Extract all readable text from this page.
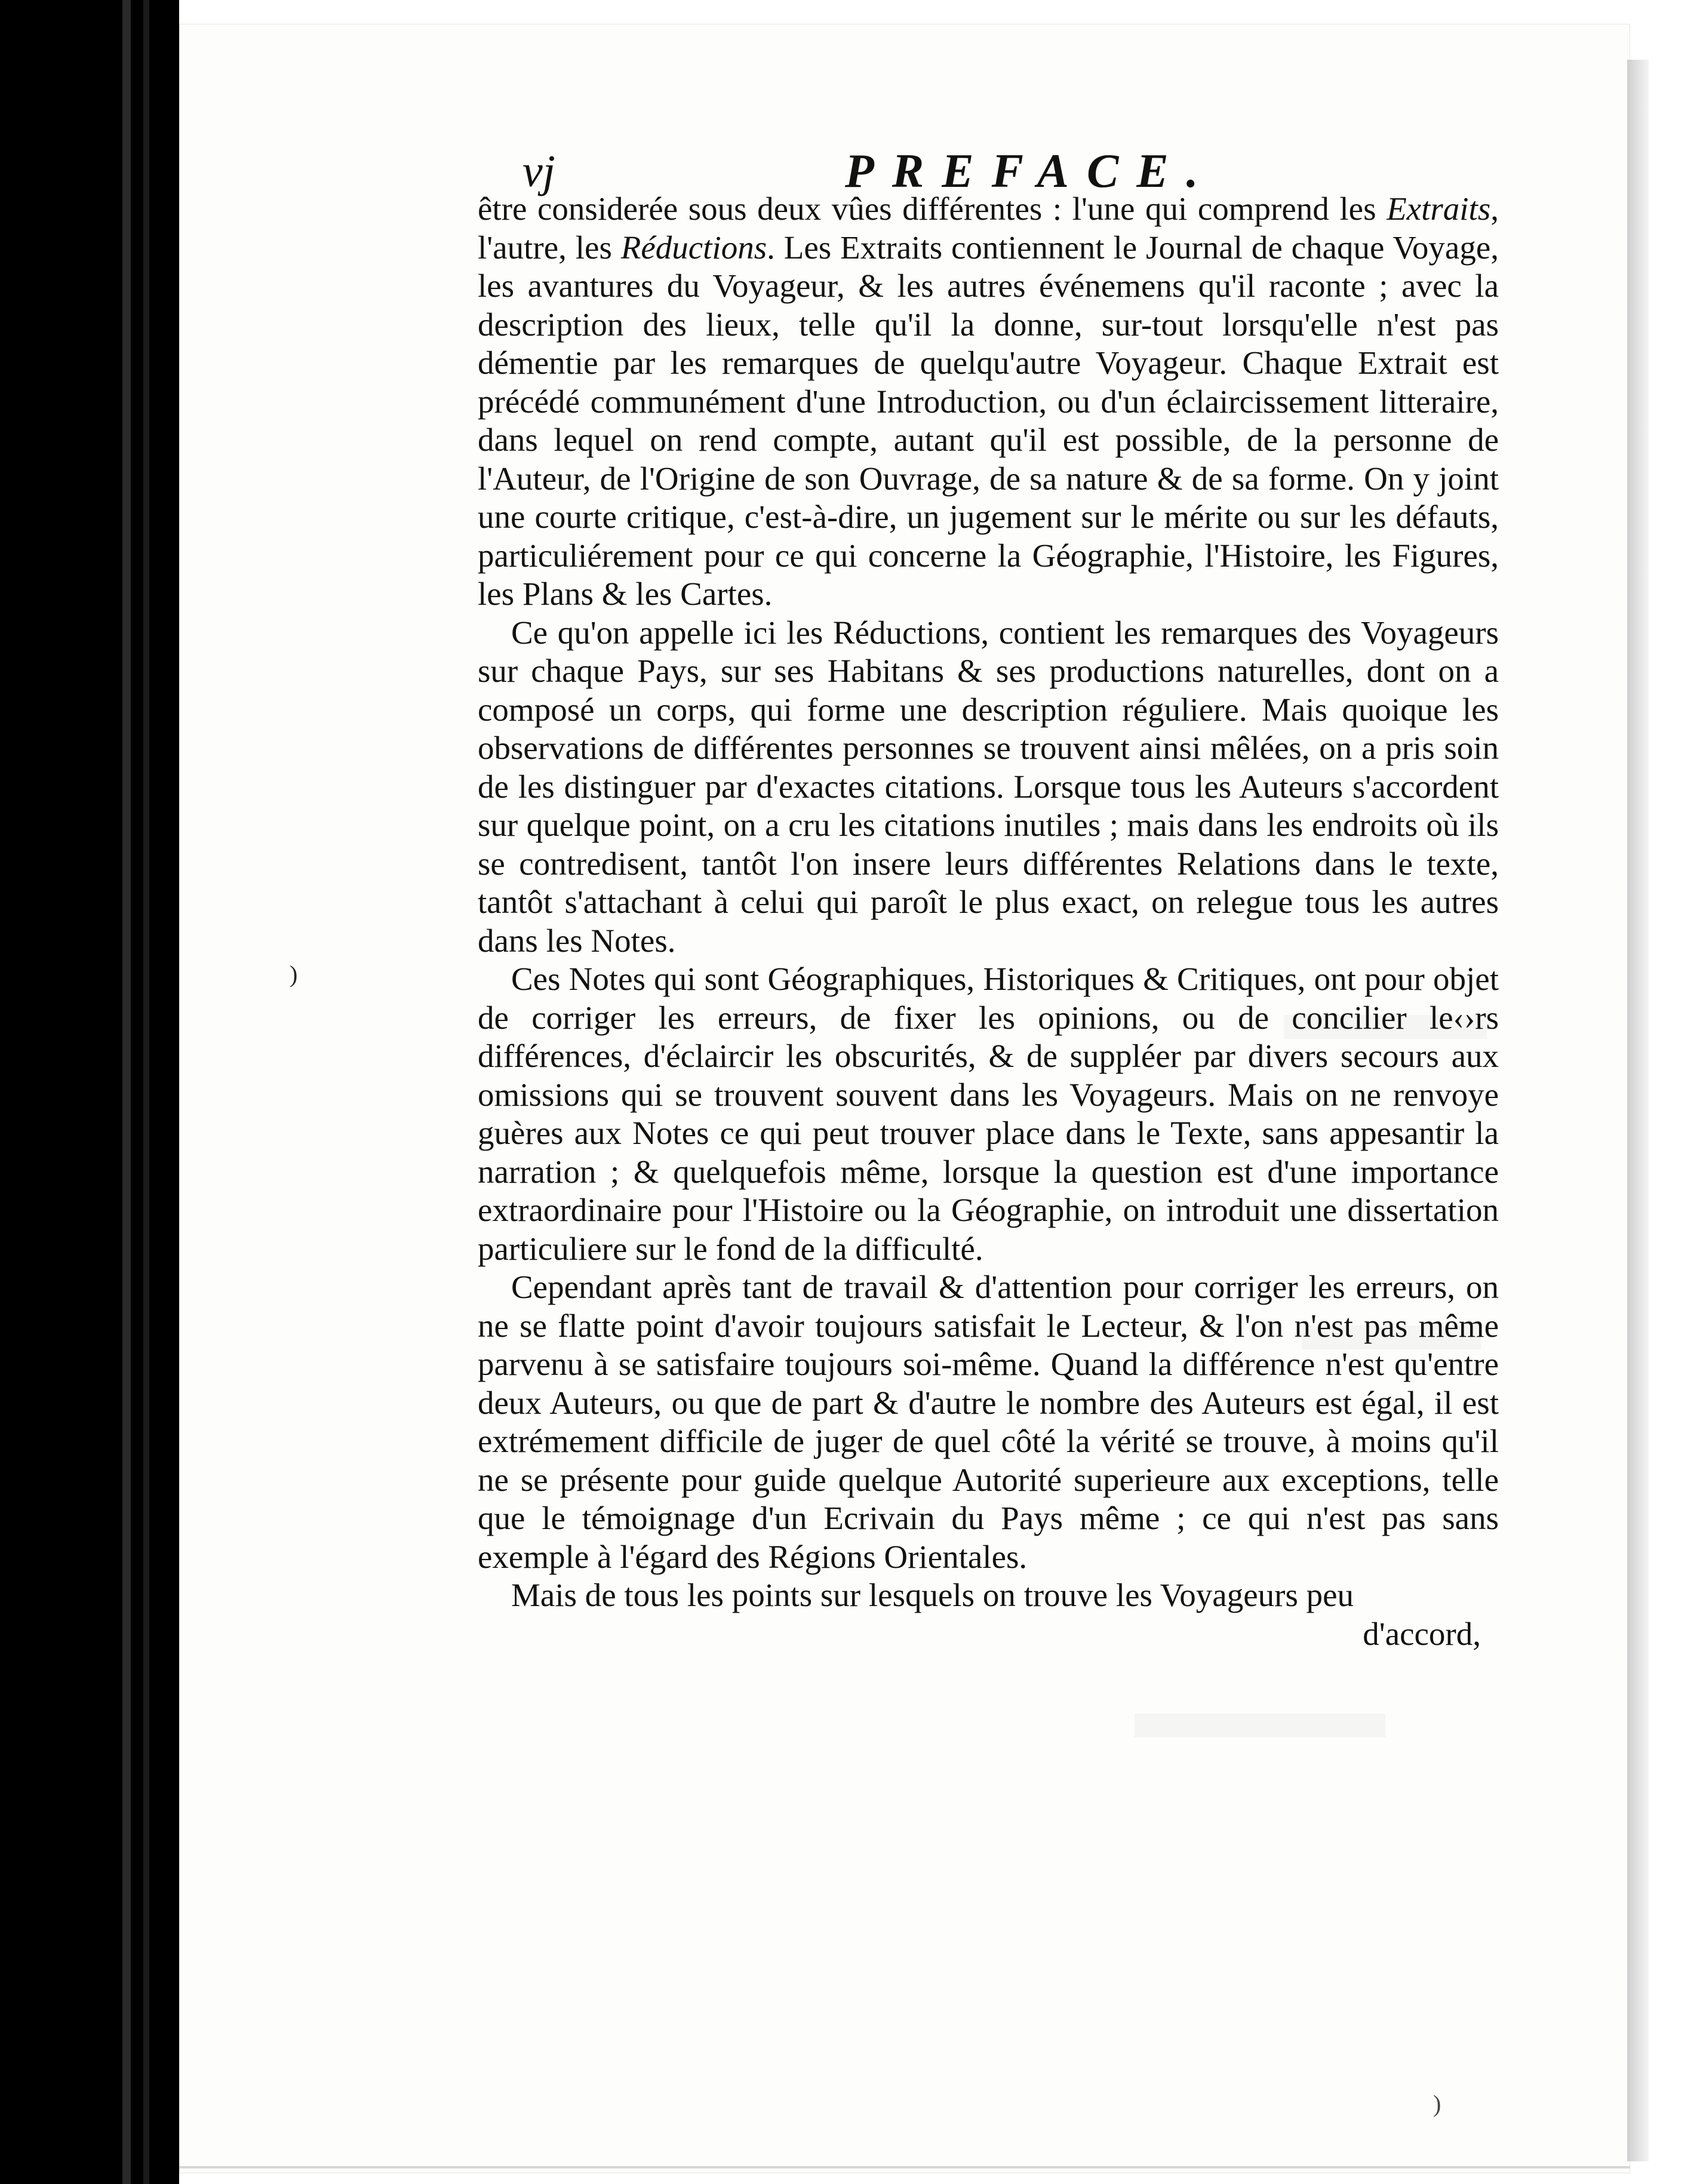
vj	PREFACE.

être considerée sous deux vûes différentes : l'une qui comprend les Extraits, l'autre, les Réductions. Les Extraits contiennent le Journal de chaque Voyage, les avantures du Voyageur, & les autres événemens qu'il raconte ; avec la description des lieux, telle qu'il la donne, sur-tout lorsqu'elle n'est pas démentie par les remarques de quelqu'autre Voyageur. Chaque Extrait est précédé communément d'une Introduction, ou d'un éclaircissement litteraire, dans lequel on rend compte, autant qu'il est possible, de la personne de l'Auteur, de l'Origine de son Ouvrage, de sa nature & de sa forme. On y joint une courte critique, c'est-à-dire, un jugement sur le mérite ou sur les défauts, particuliérement pour ce qui concerne la Géographie, l'Histoire, les Figures, les Plans & les Cartes.

Ce qu'on appelle ici les Réductions, contient les remarques des Voyageurs sur chaque Pays, sur ses Habitans & ses productions naturelles, dont on a composé un corps, qui forme une description réguliere. Mais quoique les observations de différentes personnes se trouvent ainsi mêlées, on a pris soin de les distinguer par d'exactes citations. Lorsque tous les Auteurs s'accordent sur quelque point, on a cru les citations inutiles ; mais dans les endroits où ils se contredisent, tantôt l'on insere leurs différentes Relations dans le texte, tantôt s'attachant à celui qui paroît le plus exact, on relegue tous les autres dans les Notes.

Ces Notes qui sont Géographiques, Historiques & Critiques, ont pour objet de corriger les erreurs, de fixer les opinions, ou de concilier le‹›rs différences, d'éclaircir les obscurités, & de suppléer par divers secours aux omissions qui se trouvent souvent dans les Voyageurs. Mais on ne renvoye guères aux Notes ce qui peut trouver place dans le Texte, sans appesantir la narration ; & quelquefois même, lorsque la question est d'une importance extraordinaire pour l'Histoire ou la Géographie, on introduit une dissertation particuliere sur le fond de la difficulté.

Cependant après tant de travail & d'attention pour corriger les erreurs, on ne se flatte point d'avoir toujours satisfait le Lecteur, & l'on n'est pas même parvenu à se satisfaire toujours soi-même. Quand la différence n'est qu'entre deux Auteurs, ou que de part & d'autre le nombre des Auteurs est égal, il est extrémement difficile de juger de quel côté la vérité se trouve, à moins qu'il ne se présente pour guide quelque Autorité superieure aux exceptions, telle que le témoignage d'un Ecrivain du Pays même ; ce qui n'est pas sans exemple à l'égard des Régions Orientales.

Mais de tous les points sur lesquels on trouve les Voyageurs peu

d'accord,
)
)
